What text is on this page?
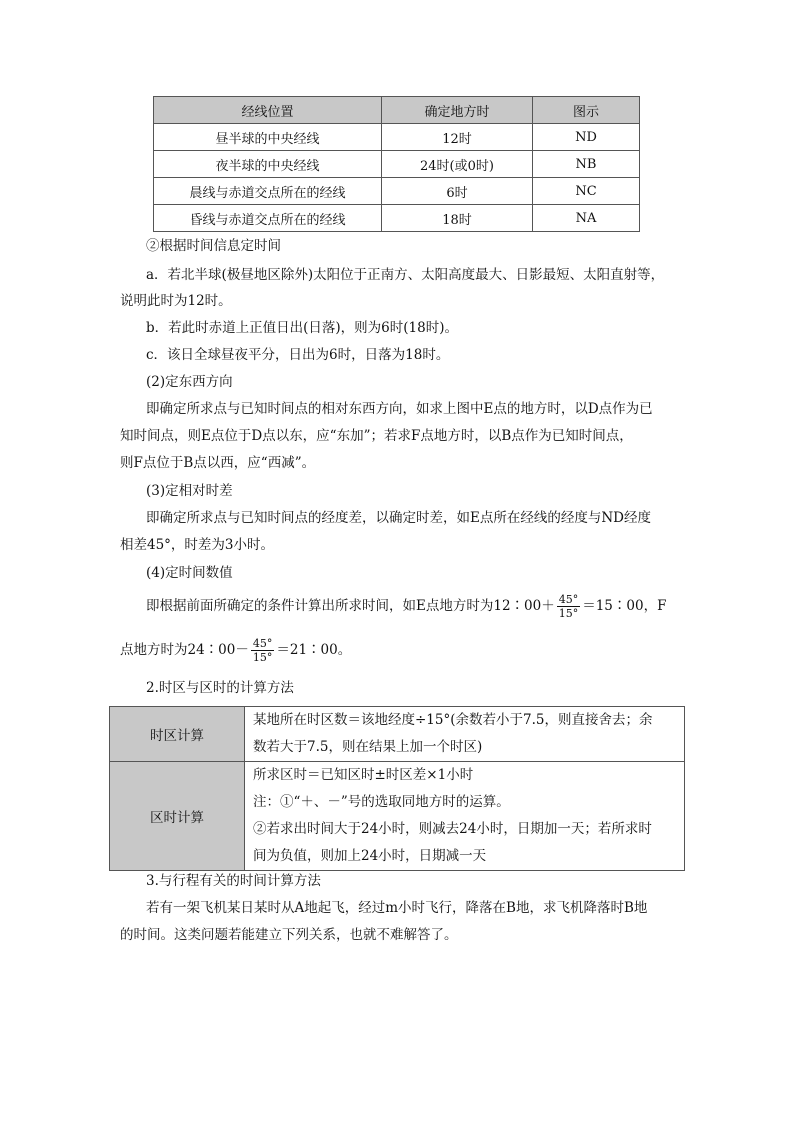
经线位置	确定地方时	图示
昼半球的中央经线	12时	ND
夜半球的中央经线	24时(或0时)	NB
晨线与赤道交点所在的经线	6时	NC
昏线与赤道交点所在的经线	18时	NA
②根据时间信息定时间
a．若北半球(极昼地区除外)太阳位于正南方、太阳高度最大、日影最短、太阳直射等，
说明此时为12时。
b．若此时赤道上正值日出(日落)，则为6时(18时)。
c．该日全球昼夜平分，日出为6时，日落为18时。
(2)定东西方向
即确定所求点与已知时间点的相对东西方向，如求上图中E点的地方时，以D点作为已
知时间点，则E点位于D点以东，应“东加”；若求F点地方时，以B点作为已知时间点，
则F点位于B点以西，应“西减”。
(3)定相对时差
即确定所求点与已知时间点的经度差，以确定时差，如E点所在经线的经度与ND经度
相差45°，时差为3小时。
(4)定时间数值
即根据前面所确定的条件计算出所求时间，如E点地方时为12∶00＋ $\frac{45^\circ}{15^\circ}$ ＝15∶00，F
点地方时为24∶00－ $\frac{45^\circ}{15^\circ}$ ＝21∶00。
2.时区与区时的计算方法
时区计算	某地所在时区数＝该地经度÷15°(余数若小于7.5，则直接舍去；余
数若大于7.5，则在结果上加一个时区)

区时计算	所求区时＝已知区时±时区差×1小时
注：①“＋、－”号的选取同地方时的运算。
②若求出时间大于24小时，则减去24小时，日期加一天；若所求时
间为负值，则加上24小时，日期减一天
3.与行程有关的时间计算方法
若有一架飞机某日某时从A地起飞，经过m小时飞行，降落在B地，求飞机降落时B地
的时间。这类问题若能建立下列关系，也就不难解答了。
